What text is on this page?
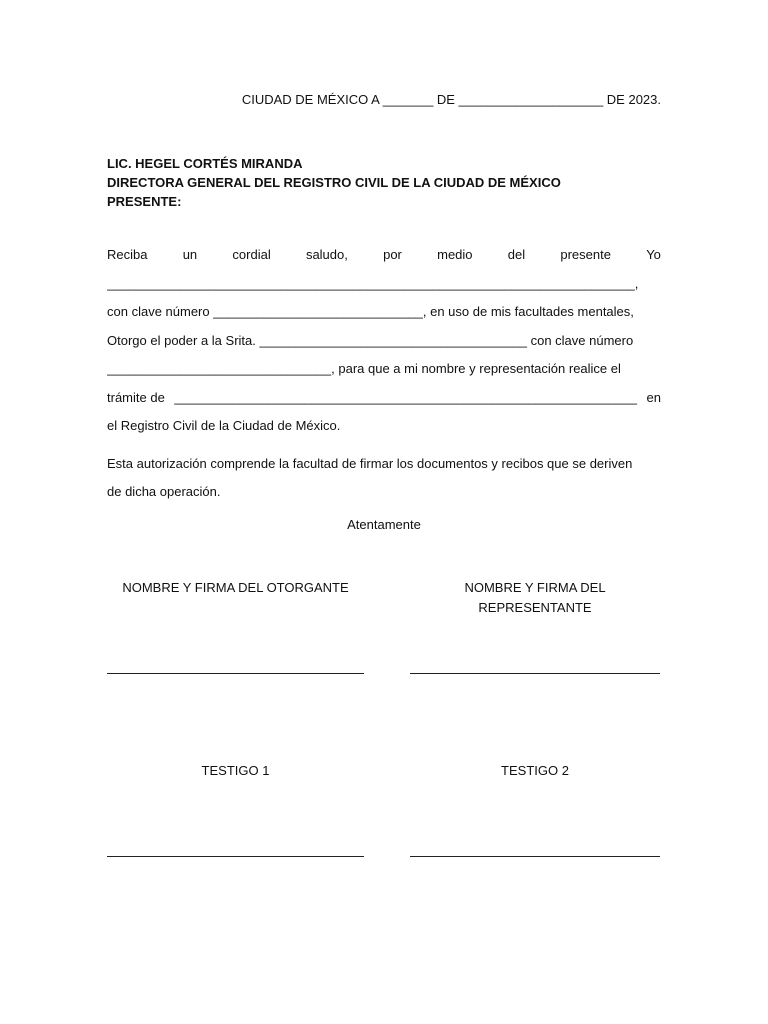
CIUDAD DE MÉXICO A _______ DE ____________________ DE 2023.
LIC. HEGEL CORTÉS MIRANDA
DIRECTORA GENERAL DEL REGISTRO CIVIL DE LA CIUDAD DE MÉXICO
PRESENTE:
Reciba	un	cordial	saludo,	por	medio	del	presente	Yo
_________________________________________________________________________,
con clave número _____________________________, en uso de mis facultades mentales,
Otorgo el poder a la Srita. _____________________________________ con clave número
_______________________________, para que a mi nombre y representación realice el
trámite de ________________________________________________________________ en
el Registro Civil de la Ciudad de México.
Esta autorización comprende la facultad de firmar los documentos y recibos que se deriven
de dicha operación.
Atentamente
NOMBRE Y FIRMA DEL OTORGANTE	NOMBRE Y FIRMA DEL REPRESENTANTE
TESTIGO 1	TESTIGO 2
